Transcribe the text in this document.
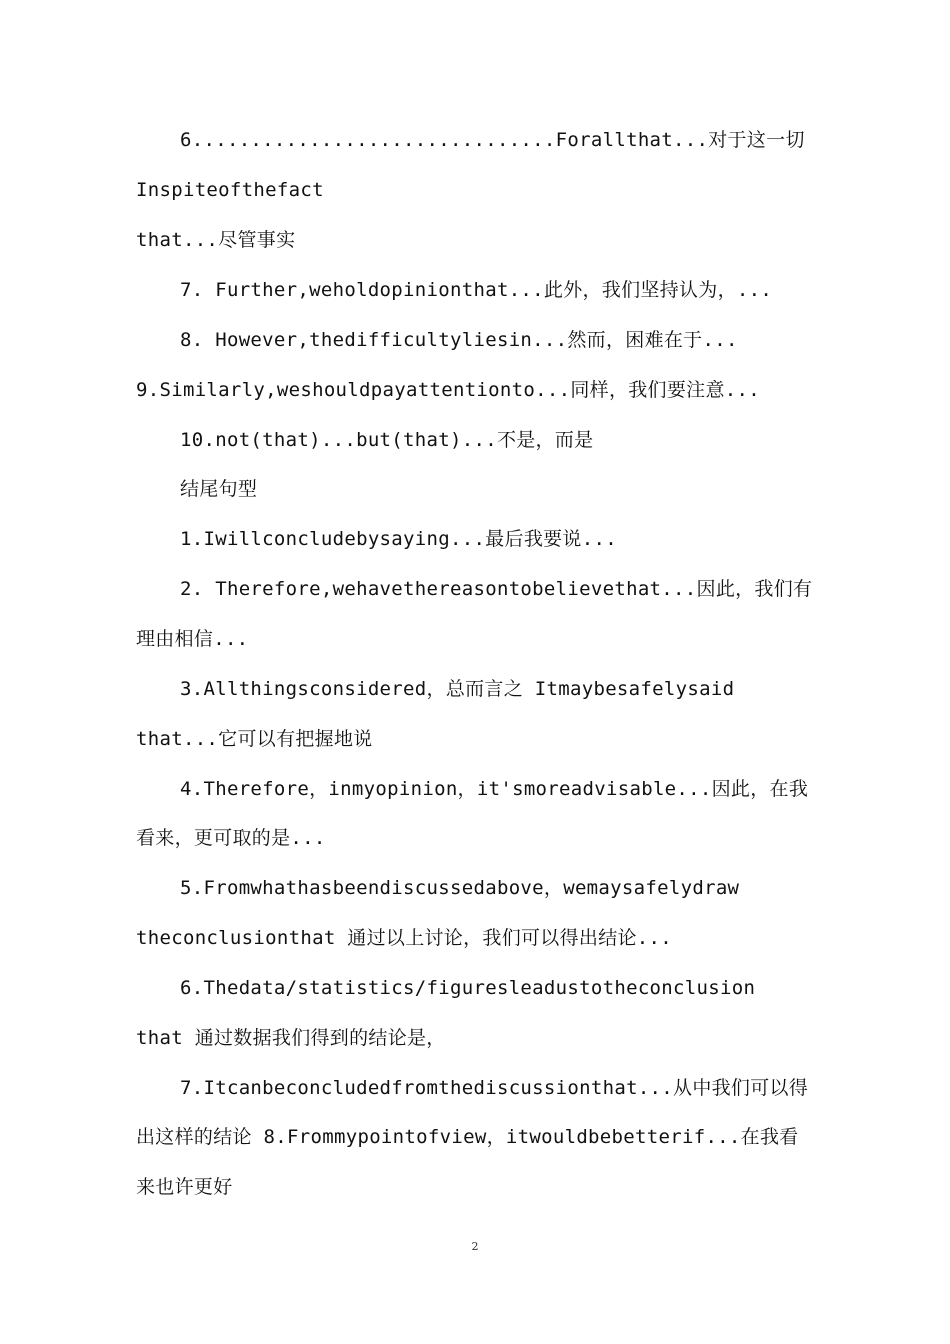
6...............................Forallthat...对于这一切
Inspiteofthefact
that...尽管事实
7. Further,weholdopinionthat...此外，我们坚持认为，...
8. However,thedifficultyliesin...然而，困难在于...
9.Similarly,weshouldpayattentionto...同样，我们要注意...
10.not(that)...but(that)...不是，而是
结尾句型
1.Iwillconcludebysaying...最后我要说...
2. Therefore,wehavethereasontobelievethat...因此，我们有
理由相信...
3.Allthingsconsidered，总而言之 Itmaybesafelysaid
that...它可以有把握地说
4.Therefore，inmyopinion，it'smoreadvisable...因此，在我
看来，更可取的是...
5.Fromwhathasbeendiscussedabove，wemaysafelydraw
theconclusionthat 通过以上讨论，我们可以得出结论...
6.Thedata/statistics/figuresleadustotheconclusion
that 通过数据我们得到的结论是，
7.Itcanbeconcludedfromthediscussionthat...从中我们可以得
出这样的结论 8.Frommypointofview，itwouldbebetterif...在我看
来也许更好
2
